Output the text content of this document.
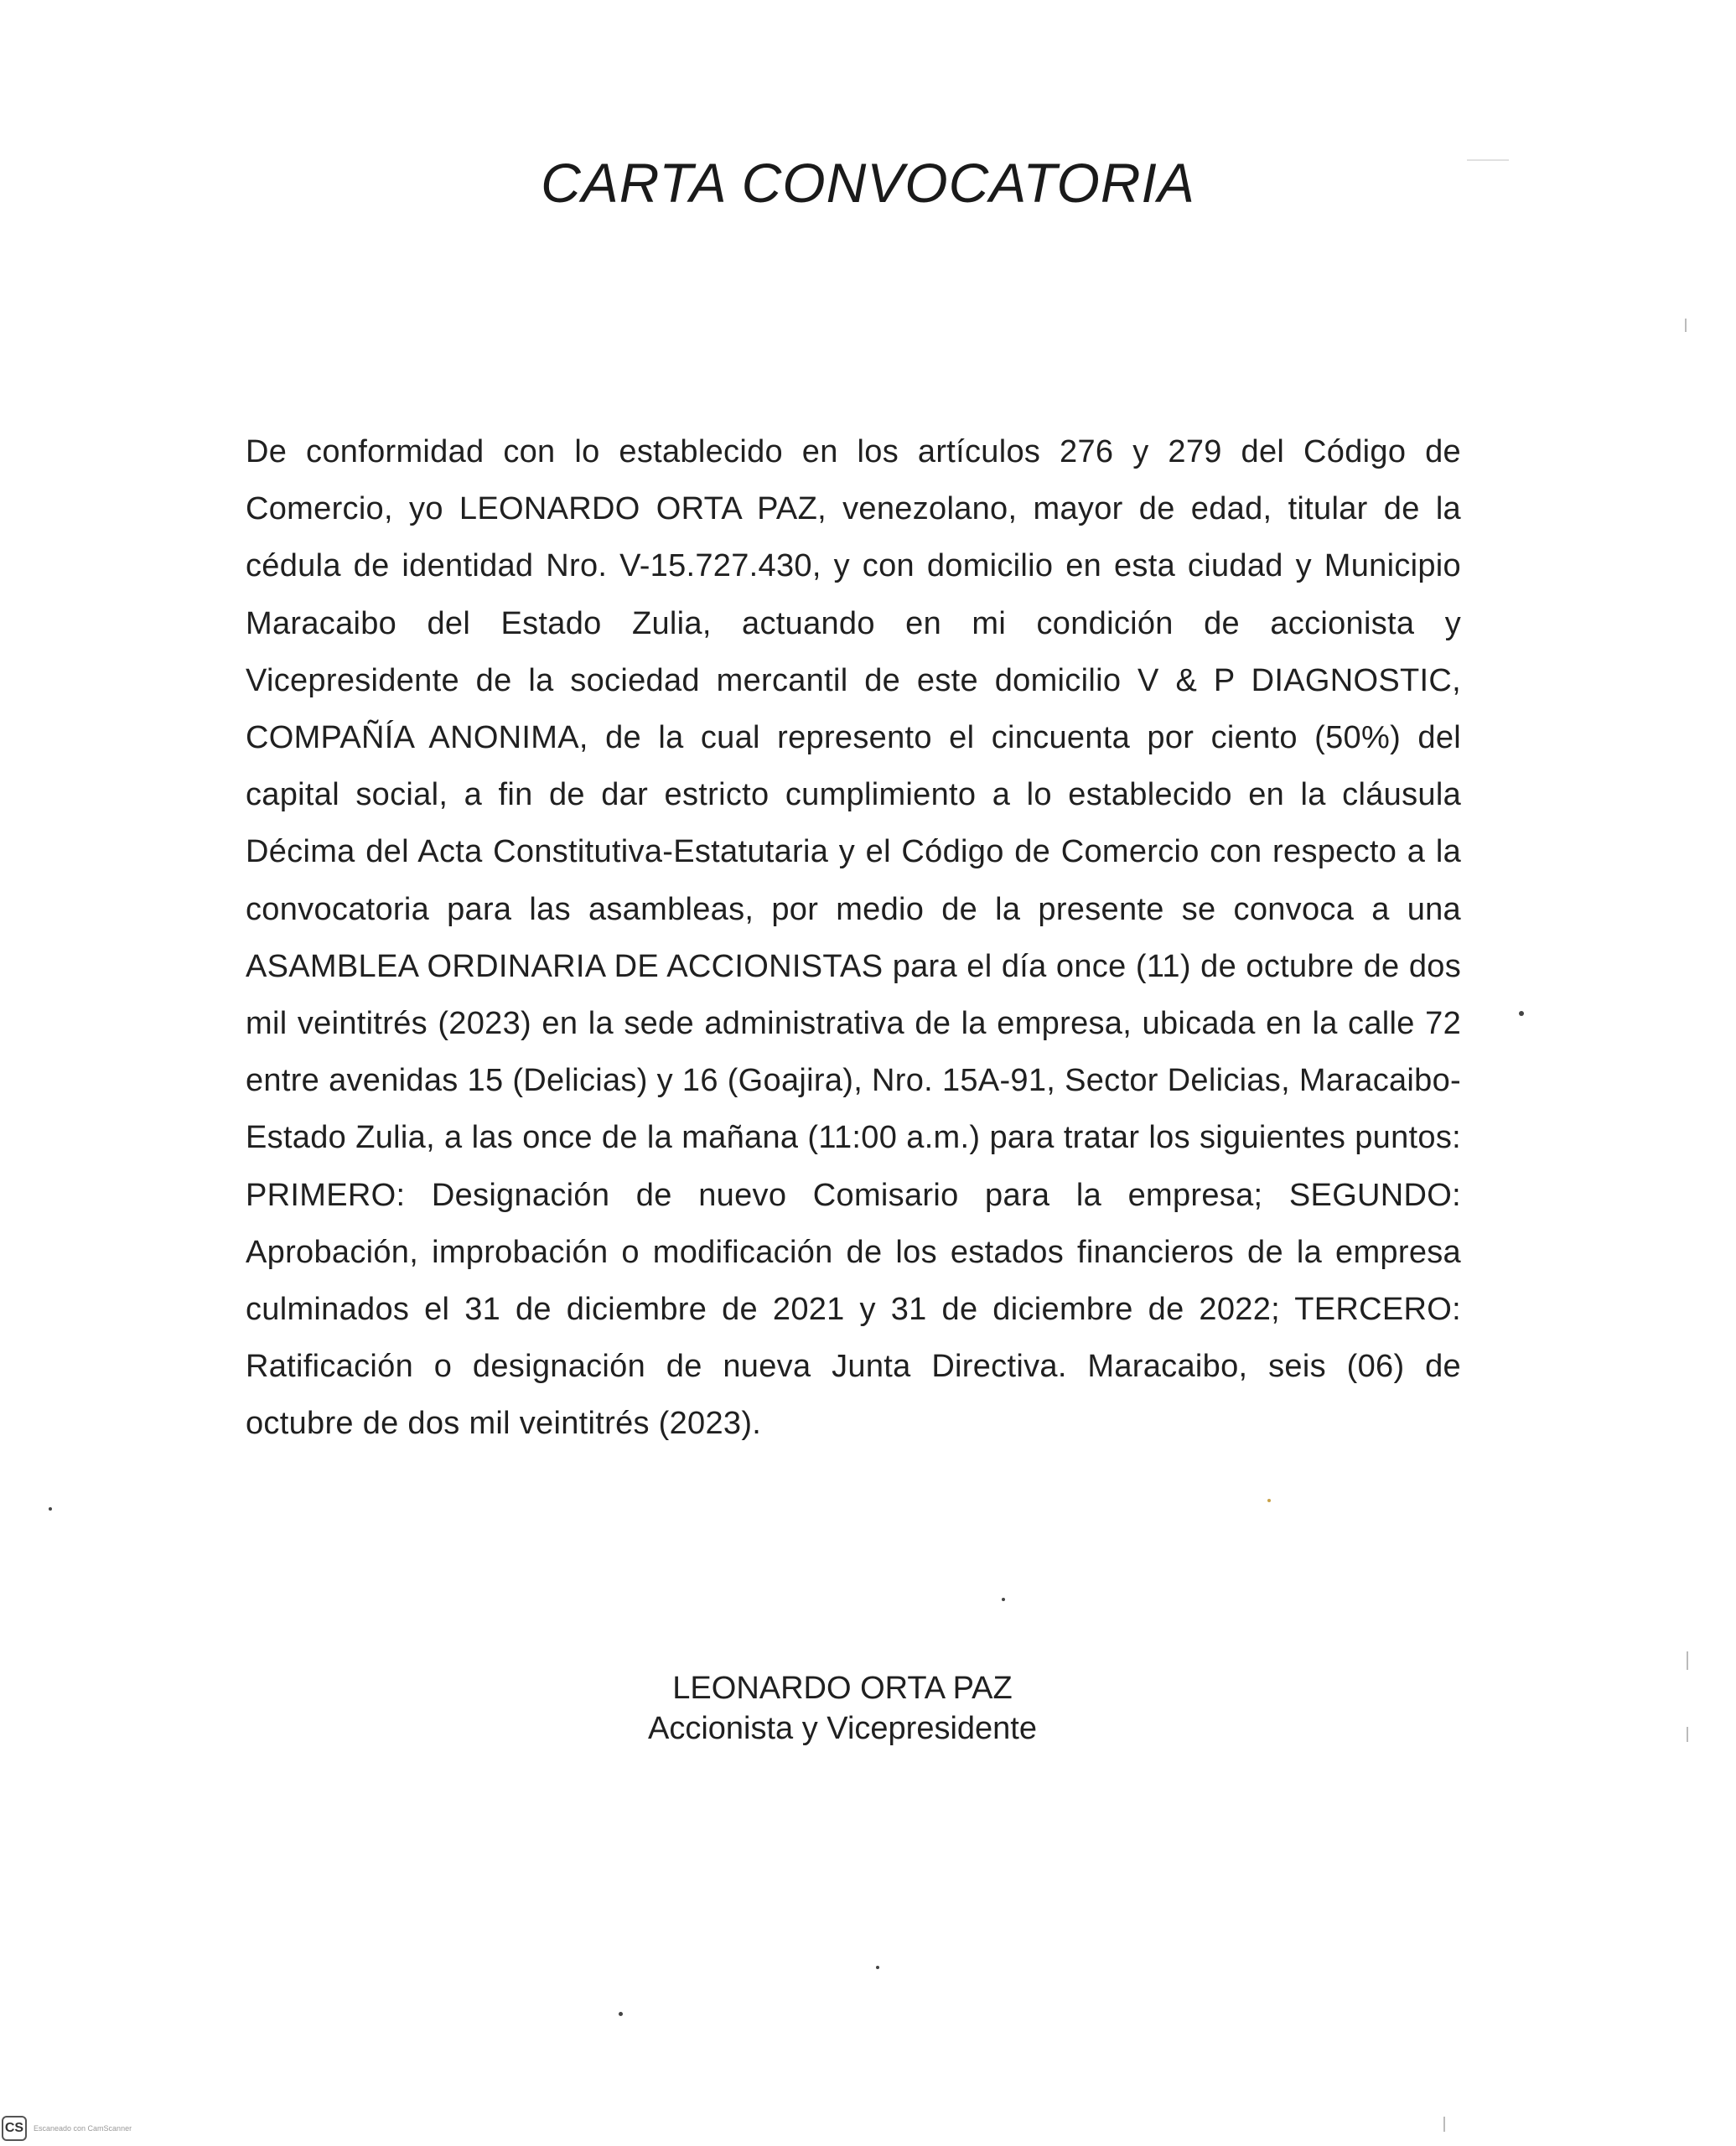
CARTA CONVOCATORIA
De conformidad con lo establecido en los artículos 276 y 279 del Código de Comercio, yo LEONARDO ORTA PAZ, venezolano, mayor de edad, titular de la cédula de identidad Nro. V-15.727.430, y con domicilio en esta ciudad y Municipio Maracaibo del Estado Zulia, actuando en mi condición de accionista y Vicepresidente de la sociedad mercantil de este domicilio V & P DIAGNOSTIC, COMPAÑÍA ANONIMA, de la cual represento el cincuenta por ciento (50%) del capital social, a fin de dar estricto cumplimiento a lo establecido en la cláusula Décima del Acta Constitutiva-Estatutaria y el Código de Comercio con respecto a la convocatoria para las asambleas, por medio de la presente se convoca a una ASAMBLEA ORDINARIA DE ACCIONISTAS para el día once (11) de octubre de dos mil veintitrés (2023) en la sede administrativa de la empresa, ubicada en la calle 72 entre avenidas 15 (Delicias) y 16 (Goajira), Nro. 15A-91, Sector Delicias, Maracaibo-Estado Zulia, a las once de la mañana (11:00 a.m.) para tratar los siguientes puntos: PRIMERO: Designación de nuevo Comisario para la empresa; SEGUNDO: Aprobación, improbación o modificación de los estados financieros de la empresa culminados el 31 de diciembre de 2021 y 31 de diciembre de 2022; TERCERO: Ratificación o designación de nueva Junta Directiva. Maracaibo, seis (06) de octubre de dos mil veintitrés (2023).
LEONARDO ORTA PAZ
Accionista y Vicepresidente
CS	Escaneado con CamScanner
